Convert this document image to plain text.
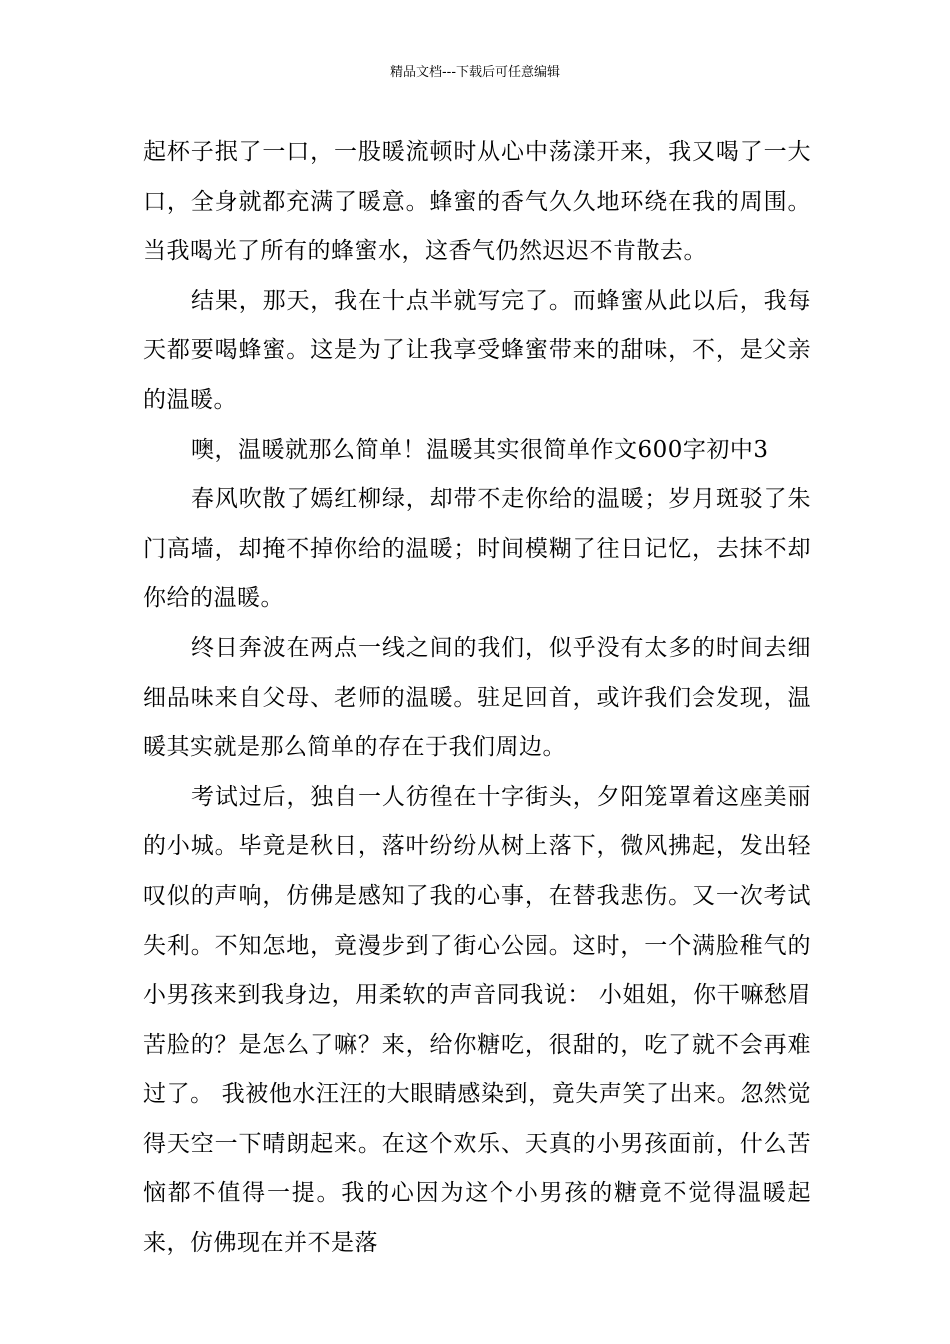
精品文档---下载后可任意编辑

起杯子抿了一口，一股暖流顿时从心中荡漾开来，我又喝了一大口，全身就都充满了暖意。蜂蜜的香气久久地环绕在我的周围。当我喝光了所有的蜂蜜水，这香气仍然迟迟不肯散去。

结果，那天，我在十点半就写完了。而蜂蜜从此以后，我每天都要喝蜂蜜。这是为了让我享受蜂蜜带来的甜味，不，是父亲的温暖。

噢，温暖就那么简单！温暖其实很简单作文600字初中3

春风吹散了嫣红柳绿，却带不走你给的温暖；岁月斑驳了朱门高墙，却掩不掉你给的温暖；时间模糊了往日记忆，去抹不却你给的温暖。

终日奔波在两点一线之间的我们，似乎没有太多的时间去细细品味来自父母、老师的温暖。驻足回首，或许我们会发现，温暖其实就是那么简单的存在于我们周边。

考试过后，独自一人彷徨在十字街头，夕阳笼罩着这座美丽的小城。毕竟是秋日，落叶纷纷从树上落下，微风拂起，发出轻叹似的声响，仿佛是感知了我的心事，在替我悲伤。又一次考试失利。不知怎地，竟漫步到了街心公园。这时，一个满脸稚气的小男孩来到我身边，用柔软的声音同我说： 小姐姐，你干嘛愁眉苦脸的？是怎么了嘛？来，给你糖吃，很甜的，吃了就不会再难过了。 我被他水汪汪的大眼睛感染到，竟失声笑了出来。忽然觉得天空一下晴朗起来。在这个欢乐、天真的小男孩面前，什么苦恼都不值得一提。我的心因为这个小男孩的糖竟不觉得温暖起来，仿佛现在并不是落
